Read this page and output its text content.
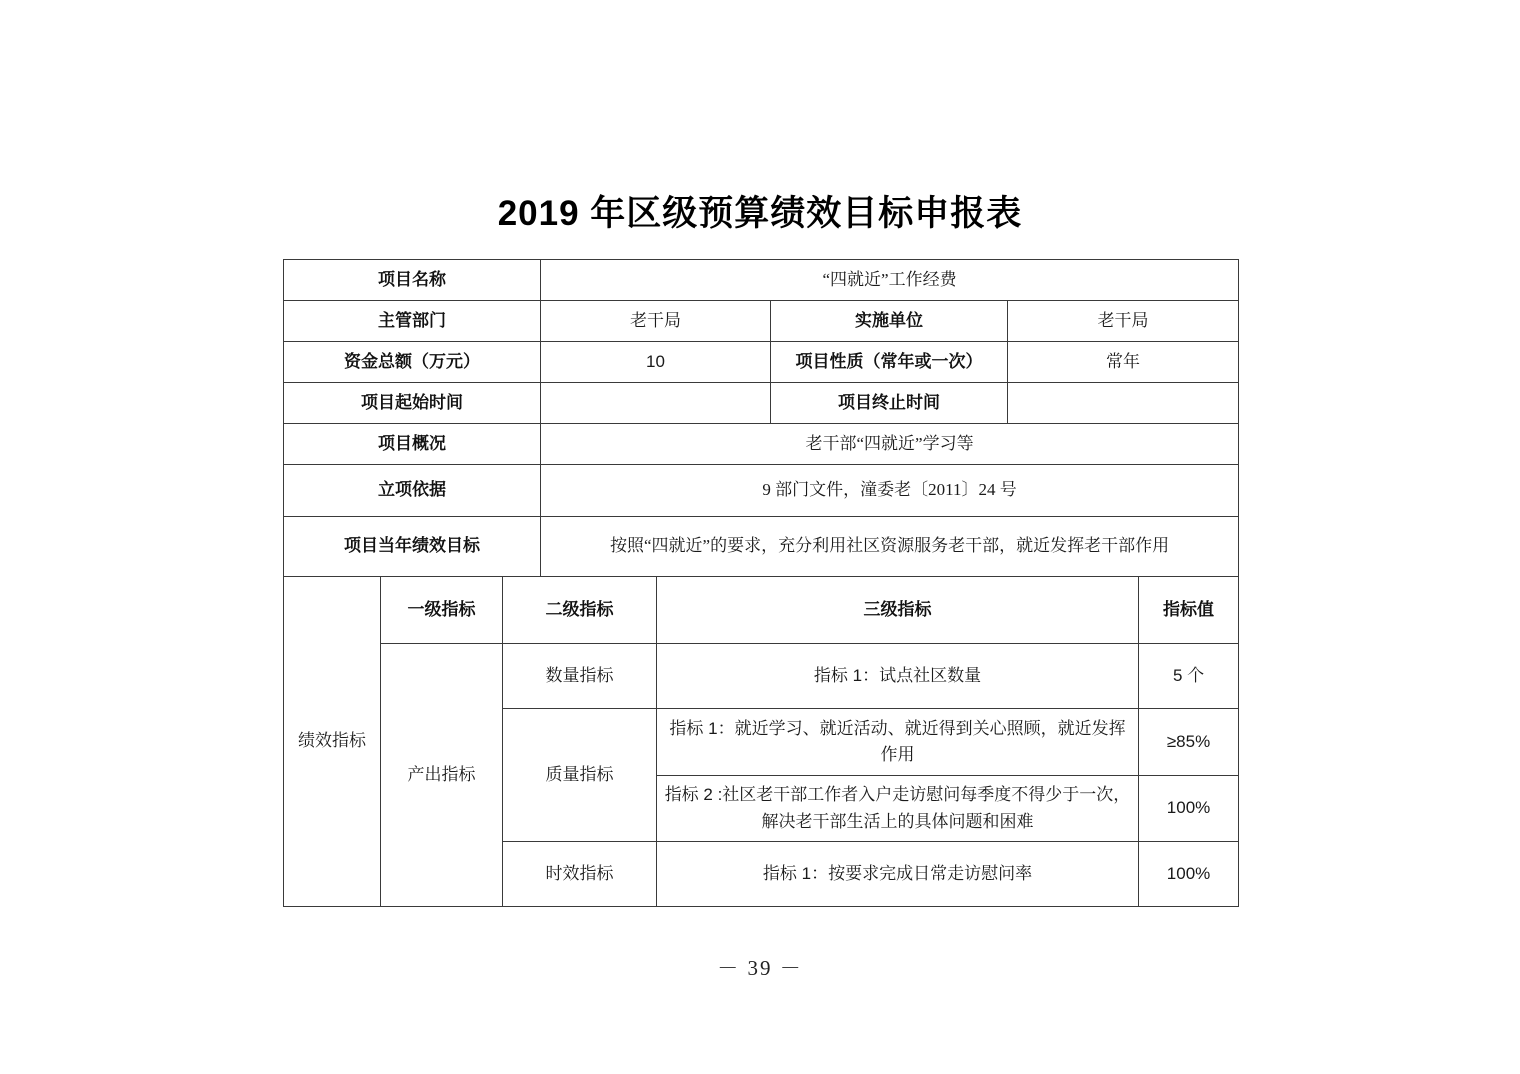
2019 年区级预算绩效目标申报表
项目名称			“四就近”工作经费				
主管部门			老干局		实施单位	老干局	
资金总额（万元）			10		项目性质（常年或一次）	常年	
项目起始时间					项目终止时间		
项目概况			老干部“四就近”学习等				
立项依据			9 部门文件，潼委老〔2011〕24 号				
项目当年绩效目标			按照“四就近”的要求，充分利用社区资源服务老干部，就近发挥老干部作用				
绩效指标	一级指标	二级指标		三级指标			指标值
	产出指标	数量指标		指标 1：试点社区数量			5 个
		质量指标		指标 1：就近学习、就近活动、就近得到关心照顾，就近发挥作用			≥85%
				指标 2 :社区老干部工作者入户走访慰问每季度不得少于一次，解决老干部生活上的具体问题和困难			100%
		时效指标		指标 1：按要求完成日常走访慰问率			100%
－ 39 －
